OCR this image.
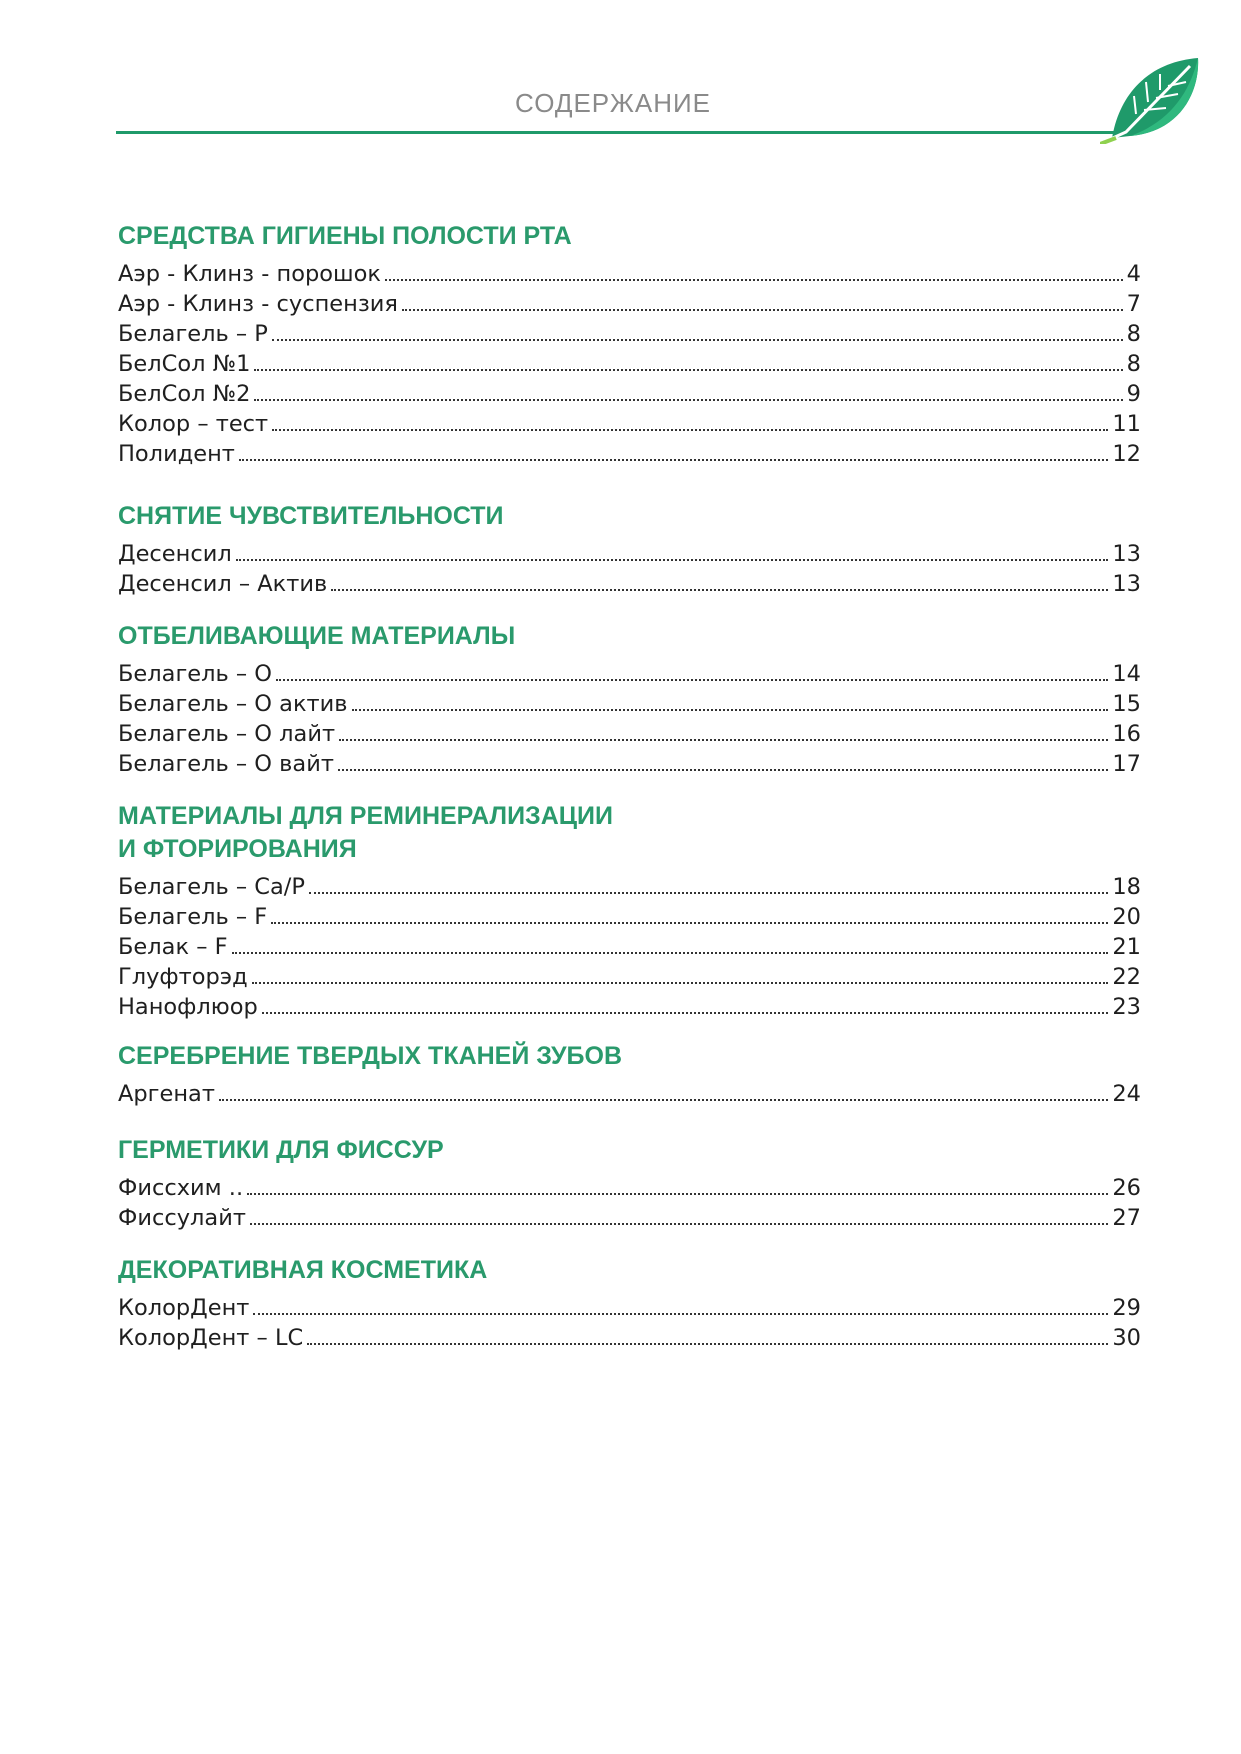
СОДЕРЖАНИЕ
СРЕДСТВА ГИГИЕНЫ ПОЛОСТИ РТА
Аэр - Клинз - порошок	4
Аэр - Клинз - суспензия	7
Белагель – Р	8
БелСол №1	8
БелСол №2	9
Колор – тест	11
Полидент	12
СНЯТИЕ ЧУВСТВИТЕЛЬНОСТИ
Десенсил	13
Десенсил – Актив	13
ОТБЕЛИВАЮЩИЕ МАТЕРИАЛЫ
Белагель – О	14
Белагель – О актив	15
Белагель – О лайт	16
Белагель – О вайт	17
МАТЕРИАЛЫ ДЛЯ РЕМИНЕРАЛИЗАЦИИ
И ФТОРИРОВАНИЯ
Белагель – Ca/P	18
Белагель – F	20
Белак – F	21
Глуфторэд	22
Нанофлюор	23
СЕРЕБРЕНИЕ ТВЕРДЫХ ТКАНЕЙ ЗУБОВ
Аргенат	24
ГЕРМЕТИКИ ДЛЯ ФИССУР
Фиссхим ..	26
Фиссулайт	27
ДЕКОРАТИВНАЯ КОСМЕТИКА
КолорДент	29
КолорДент – LC	30
